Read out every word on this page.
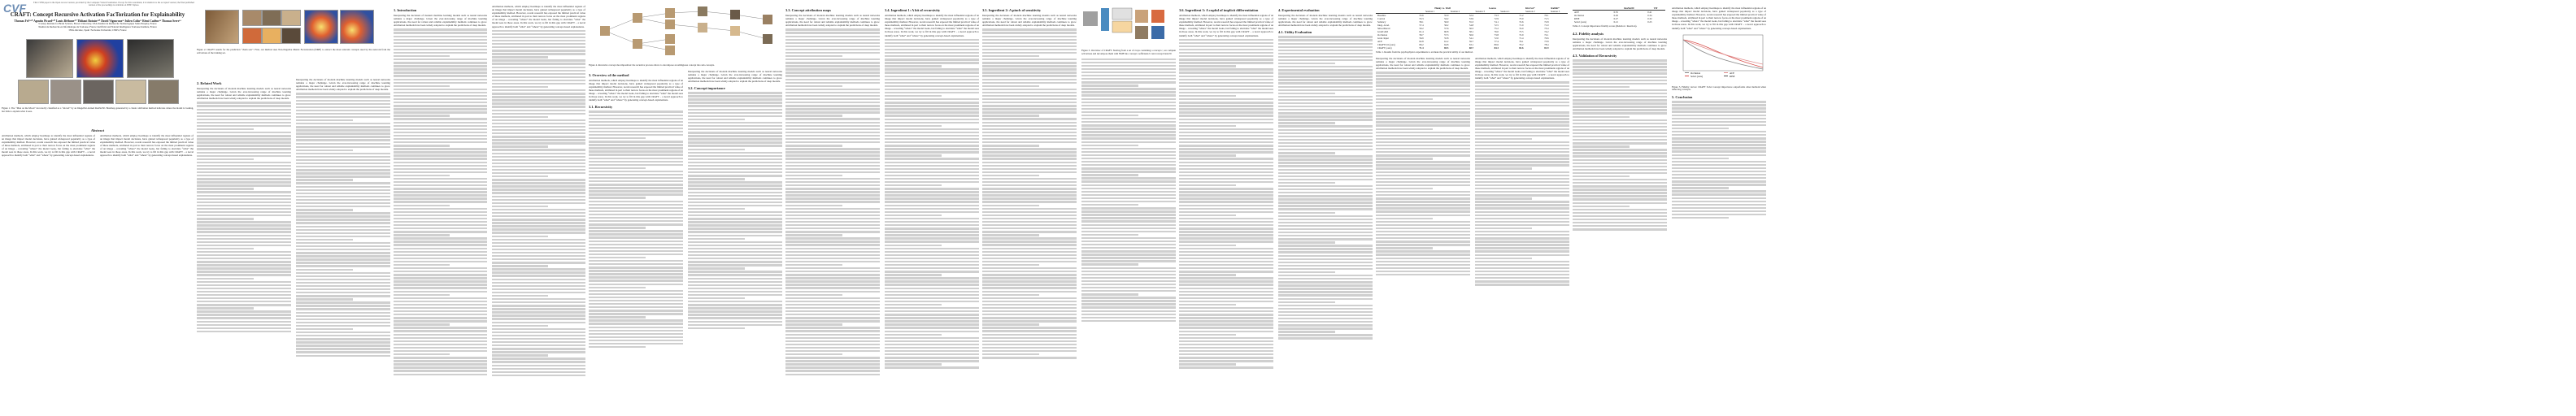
CVF	This CVPR paper is the Open Access version, provided by the Computer Vision Foundation. Except for this watermark, it is identical to the accepted version; the final published version of the proceedings is available on IEEE Xplore.
CRAFT: Concept Recursive Activation FacTorization for Explainability
Thomas Fel¹³⁴* Agustin Picard²⁴* Louis Béthune³* Thibaut Boissin²⁴* David Vigouroux²⁴ Julien Colin¹⁵ Rémi Cadène¹⁶ Thomas Serre¹⁴
¹Carney Institute for Brain Science, Brown University, USA ²Institut de Recherche Technologique Saint-Exupéry, France
³Institut de Recherche en Informatique de Toulouse, France ⁴Artificial and Natural Intelligence Toulouse Institute, France
⁵Ellis Alicante, Spain ⁶Sorbonne Université, CNRS, France
Figure 1. The “Man on the Moon” incorrectly classified as a “shovel” by an ImageNet-trained ResNet50. Heatmap generated by a classic attribution method indicates where the model is looking, but fails to explain what it sees.
Abstract

Attribution methods, which employ heatmaps to identify the most influential regions of an image that impact model decisions, have gained widespread popularity as a type of explainability method. However, recent research has exposed the limited practical value of these methods, attributed in part to their narrow focus on the most prominent regions of an image – revealing “where” the model looks, but failing to elucidate “what” the model sees in those areas. In this work, we try to fill in this gap with CRAFT – a novel approach to identify both “what” and “where” by generating concept-based explanations.

Attribution methods, which employ heatmaps to identify the most influential regions of an image that impact model decisions, have gained widespread popularity as a type of explainability method. However, recent research has exposed the limited practical value of these methods, attributed in part to their narrow focus on the most prominent regions of an image – revealing “where” the model looks, but failing to elucidate “what” the model sees in those areas. In this work, we try to fill in this gap with CRAFT – a novel approach to identify both “what” and “where” by generating concept-based explanations.

Figure 2. CRAFT results for the prediction “chain saw”. First, our method uses Non-Negative Matrix Factorization (NMF) to extract the most relevant concepts used by the network from the activations of the training set.
2. Related Work

Interpreting the decisions of modern machine learning models such as neural networks remains a major challenge. Given the ever-increasing range of machine learning applications, the need for robust and reliable explainability methods continues to grow. Attribution methods have been widely adopted to explain the predictions of deep models.

Interpreting the decisions of modern machine learning models such as neural networks remains a major challenge. Given the ever-increasing range of machine learning applications, the need for robust and reliable explainability methods continues to grow. Attribution methods have been widely adopted to explain the predictions of deep models.

1. Introduction

Interpreting the decisions of modern machine learning models such as neural networks remains a major challenge. Given the ever-increasing range of machine learning applications, the need for robust and reliable explainability methods continues to grow. Attribution methods have been widely adopted to explain the predictions of deep models.

Attribution methods, which employ heatmaps to identify the most influential regions of an image that impact model decisions, have gained widespread popularity as a type of explainability method. However, recent research has exposed the limited practical value of these methods, attributed in part to their narrow focus on the most prominent regions of an image – revealing “where” the model looks, but failing to elucidate “what” the model sees in those areas. In this work, we try to fill in this gap with CRAFT – a novel approach to identify both “what” and “where” by generating concept-based explanations.

Figure 4. Recursive concept decomposition: the recursive process allows to decompose an ambiguous concept into sub-concepts.
3. Overview of the method

Attribution methods, which employ heatmaps to identify the most influential regions of an image that impact model decisions, have gained widespread popularity as a type of explainability method. However, recent research has exposed the limited practical value of these methods, attributed in part to their narrow focus on the most prominent regions of an image – revealing “where” the model looks, but failing to elucidate “what” the model sees in those areas. In this work, we try to fill in this gap with CRAFT – a novel approach to identify both “what” and “where” by generating concept-based explanations.

3.1. Recursivity

Interpreting the decisions of modern machine learning models such as neural networks remains a major challenge. Given the ever-increasing range of machine learning applications, the need for robust and reliable explainability methods continues to grow. Attribution methods have been widely adopted to explain the predictions of deep models.

3.2. Concept importance
3.3. Concept attribution maps

Interpreting the decisions of modern machine learning models such as neural networks remains a major challenge. Given the ever-increasing range of machine learning applications, the need for robust and reliable explainability methods continues to grow. Attribution methods have been widely adopted to explain the predictions of deep models.

3.4. Ingredient 1: A bit of recursivity

Attribution methods, which employ heatmaps to identify the most influential regions of an image that impact model decisions, have gained widespread popularity as a type of explainability method. However, recent research has exposed the limited practical value of these methods, attributed in part to their narrow focus on the most prominent regions of an image – revealing “where” the model looks, but failing to elucidate “what” the model sees in those areas. In this work, we try to fill in this gap with CRAFT – a novel approach to identify both “what” and “where” by generating concept-based explanations.

3.5. Ingredient 2: A pinch of sensitivity

Interpreting the decisions of modern machine learning models such as neural networks remains a major challenge. Given the ever-increasing range of machine learning applications, the need for robust and reliable explainability methods continues to grow. Attribution methods have been widely adopted to explain the predictions of deep models.

Figure 3. Overview of CRAFT. Starting from a set of crops containing a concept c, we compute activations and decompose them with NMF into concept coefficients U and concept bank W.
3.6. Ingredient 3: A cupful of implicit differentiation

Attribution methods, which employ heatmaps to identify the most influential regions of an image that impact model decisions, have gained widespread popularity as a type of explainability method. However, recent research has exposed the limited practical value of these methods, attributed in part to their narrow focus on the most prominent regions of an image – revealing “where” the model looks, but failing to elucidate “what” the model sees in those areas. In this work, we try to fill in this gap with CRAFT – a novel approach to identify both “what” and “where” by generating concept-based explanations.

4. Experimental evaluation

Interpreting the decisions of modern machine learning models such as neural networks remains a major challenge. Given the ever-increasing range of machine learning applications, the need for robust and reliable explainability methods continues to grow. Attribution methods have been widely adopted to explain the predictions of deep models.

4.1. Utility Evaluation
	Husky vs. Wolf		Leaves		Kit-Fox*	Rabbit*
	Session 1	Session 2	Session 3	Session 1	Session 2	Session 3
Baseline	55.6	55.0	52.4	73.3	71.2	70.1
Control	53.3	54.2	53.9	72.9	73.0	71.5
Saliency	58.1	56.9	55.3	74.1	72.6	72.8
Integ.-Grad.	57.4	56.2	54.8	72.5	71.9	71.0
SmoothGrad	59.2	57.6	56.3	75.2	74.0	73.4
GradCAM	61.4	60.8	58.1	76.0	75.5	74.2
Occlusion	58.7	57.3	56.0	73.8	72.9	72.1
Grad. Input	56.9	55.8	54.1	72.0	71.4	70.6
ACE	62.8	61.2	59.7	77.4	76.1	75.8
CRAFTCO (ours)	66.2	64.8	63.1	80.6	79.2	78.4
CRAFT (ours)	71.4	69.5	68.7	84.3	82.6	81.9
Table 1. Results from the psychophysics experiments to evaluate the practical utility of our method.

Interpreting the decisions of modern machine learning models such as neural networks remains a major challenge. Given the ever-increasing range of machine learning applications, the need for robust and reliable explainability methods continues to grow. Attribution methods have been widely adopted to explain the predictions of deep models.

Attribution methods, which employ heatmaps to identify the most influential regions of an image that impact model decisions, have gained widespread popularity as a type of explainability method. However, recent research has exposed the limited practical value of these methods, attributed in part to their narrow focus on the most prominent regions of an image – revealing “where” the model looks, but failing to elucidate “what” the model sees in those areas. In this work, we try to fill in this gap with CRAFT – a novel approach to identify both “what” and “where” by generating concept-based explanations.

	ResNet50	ViT
ACE	0.35	0.41
Occlusion	0.29	0.34
RISE	0.27	0.32
Sobol (ours)	0.21	0.25
Table 2. Concept importance fidelity scores (Deletion / Insertion).
4.2. Fidelity analysis

Interpreting the decisions of modern machine learning models such as neural networks remains a major challenge. Given the ever-increasing range of machine learning applications, the need for robust and reliable explainability methods continues to grow. Attribution methods have been widely adopted to explain the predictions of deep models.

4.3. Validation of Recursivity

Attribution methods, which employ heatmaps to identify the most influential regions of an image that impact model decisions, have gained widespread popularity as a type of explainability method. However, recent research has exposed the limited practical value of these methods, attributed in part to their narrow focus on the most prominent regions of an image – revealing “where” the model looks, but failing to elucidate “what” the model sees in those areas. In this work, we try to fill in this gap with CRAFT – a novel approach to identify both “what” and “where” by generating concept-based explanations.

Occlusion
Sobol (ours)
ACE
RISE
Figure 5. Fidelity curves: CRAFT Sobol concept importance outperforms other methods when removing concepts.
5. Conclusion
